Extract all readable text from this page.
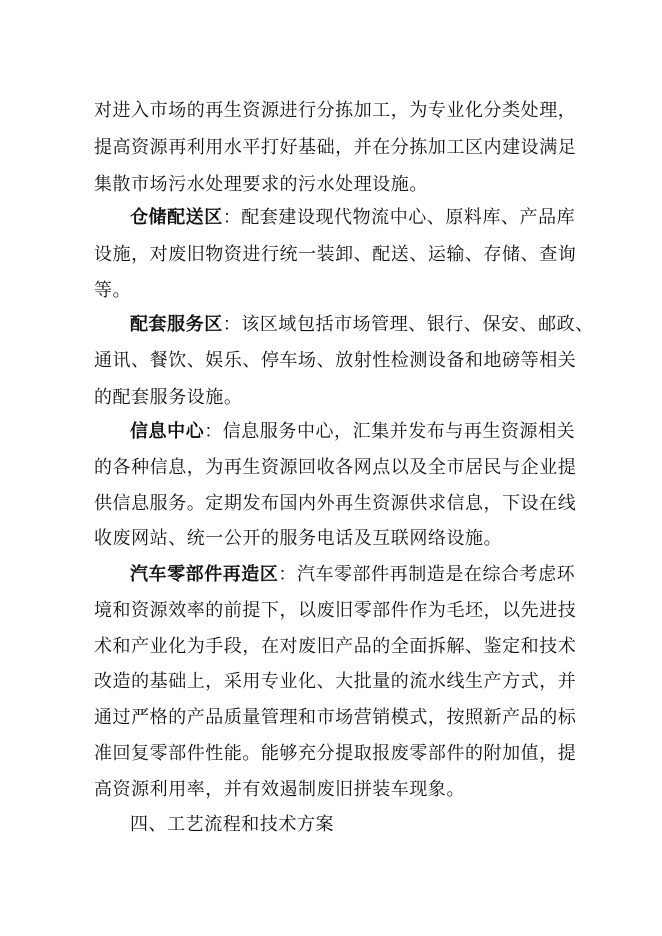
对进入市场的再生资源进行分拣加工，为专业化分类处理，
提高资源再利用水平打好基础，并在分拣加工区内建设满足
集散市场污水处理要求的污水处理设施。
仓储配送区：配套建设现代物流中心、原料库、产品库
设施，对废旧物资进行统一装卸、配送、运输、存储、查询
等。
配套服务区：该区域包括市场管理、银行、保安、邮政、
通讯、餐饮、娱乐、停车场、放射性检测设备和地磅等相关
的配套服务设施。
信息中心：信息服务中心，汇集并发布与再生资源相关
的各种信息，为再生资源回收各网点以及全市居民与企业提
供信息服务。定期发布国内外再生资源供求信息，下设在线
收废网站、统一公开的服务电话及互联网络设施。
汽车零部件再造区：汽车零部件再制造是在综合考虑环
境和资源效率的前提下，以废旧零部件作为毛坯，以先进技
术和产业化为手段，在对废旧产品的全面拆解、鉴定和技术
改造的基础上，采用专业化、大批量的流水线生产方式，并
通过严格的产品质量管理和市场营销模式，按照新产品的标
准回复零部件性能。能够充分提取报废零部件的附加值，提
高资源利用率，并有效遏制废旧拼装车现象。
四、工艺流程和技术方案
